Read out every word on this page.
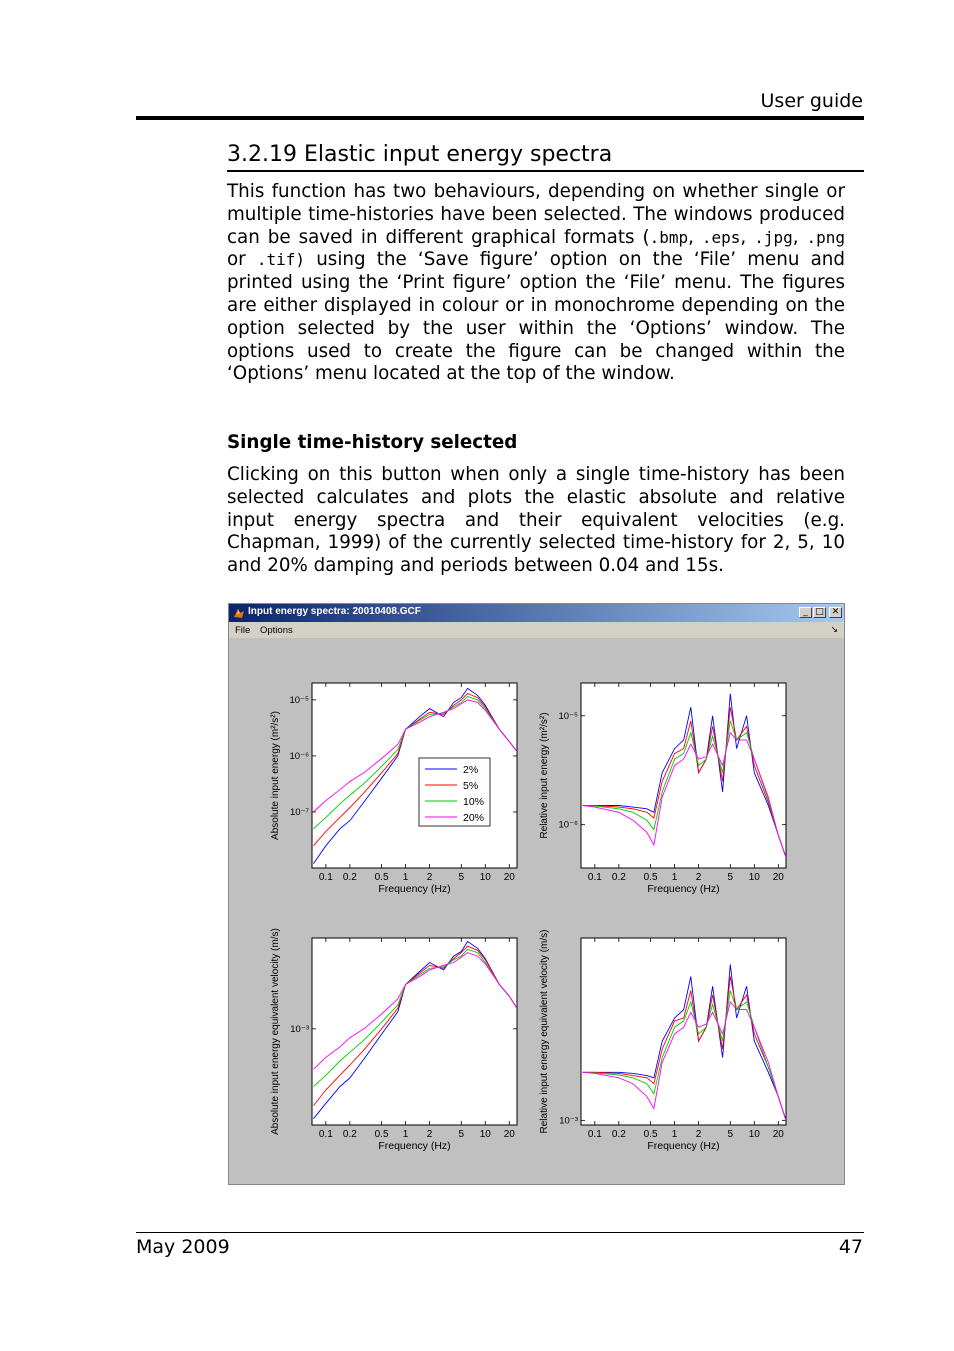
User guide
3.2.19 Elastic input energy spectra

This function has two behaviours, depending on whether single or multiple time-histories have been selected. The windows produced can be saved in different graphical formats (.bmp, .eps, .jpg, .png or .tif) using the ‘Save figure’ option on the ‘File’ menu and printed using the ‘Print figure’ option the ‘File’ menu. The figures are either displayed in colour or in monochrome depending on the option selected by the user within the ‘Options’ window. The options used to create the figure can be changed within the ‘Options’ menu located at the top of the window.

Single time-history selected

Clicking on this button when only a single time-history has been selected calculates and plots the elastic absolute and relative input energy spectra and their equivalent velocities (e.g. Chapman, 1999) of the currently selected time-history for 2, 5, 10 and 20% damping and periods between 0.04 and 15s.

Input energy spectra: 20010408.GCF	_ □ ✕
File Options	↘
0.1 0.2 0.5 1 2	5 10 20
10⁻⁷
10⁻⁶
10⁻⁵
Frequency (Hz)
Absolute input energy (m²/s²)	2%
5%
10%
20%
0.1 0.2 0.5 1 2	5 10 20
10⁻⁶
10⁻⁵
Frequency (Hz)
Relative input energy (m²/s²)
0.1 0.2 0.5 1 2	5 10 20
10⁻³
Frequency (Hz)
Absolute input energy equivalent velocity (m/s)	0.1 0.2 0.5 1 2	5 10 20
10⁻³
Frequency (Hz)
Relative input energy equivalent velocity (m/s)
May 2009	47
